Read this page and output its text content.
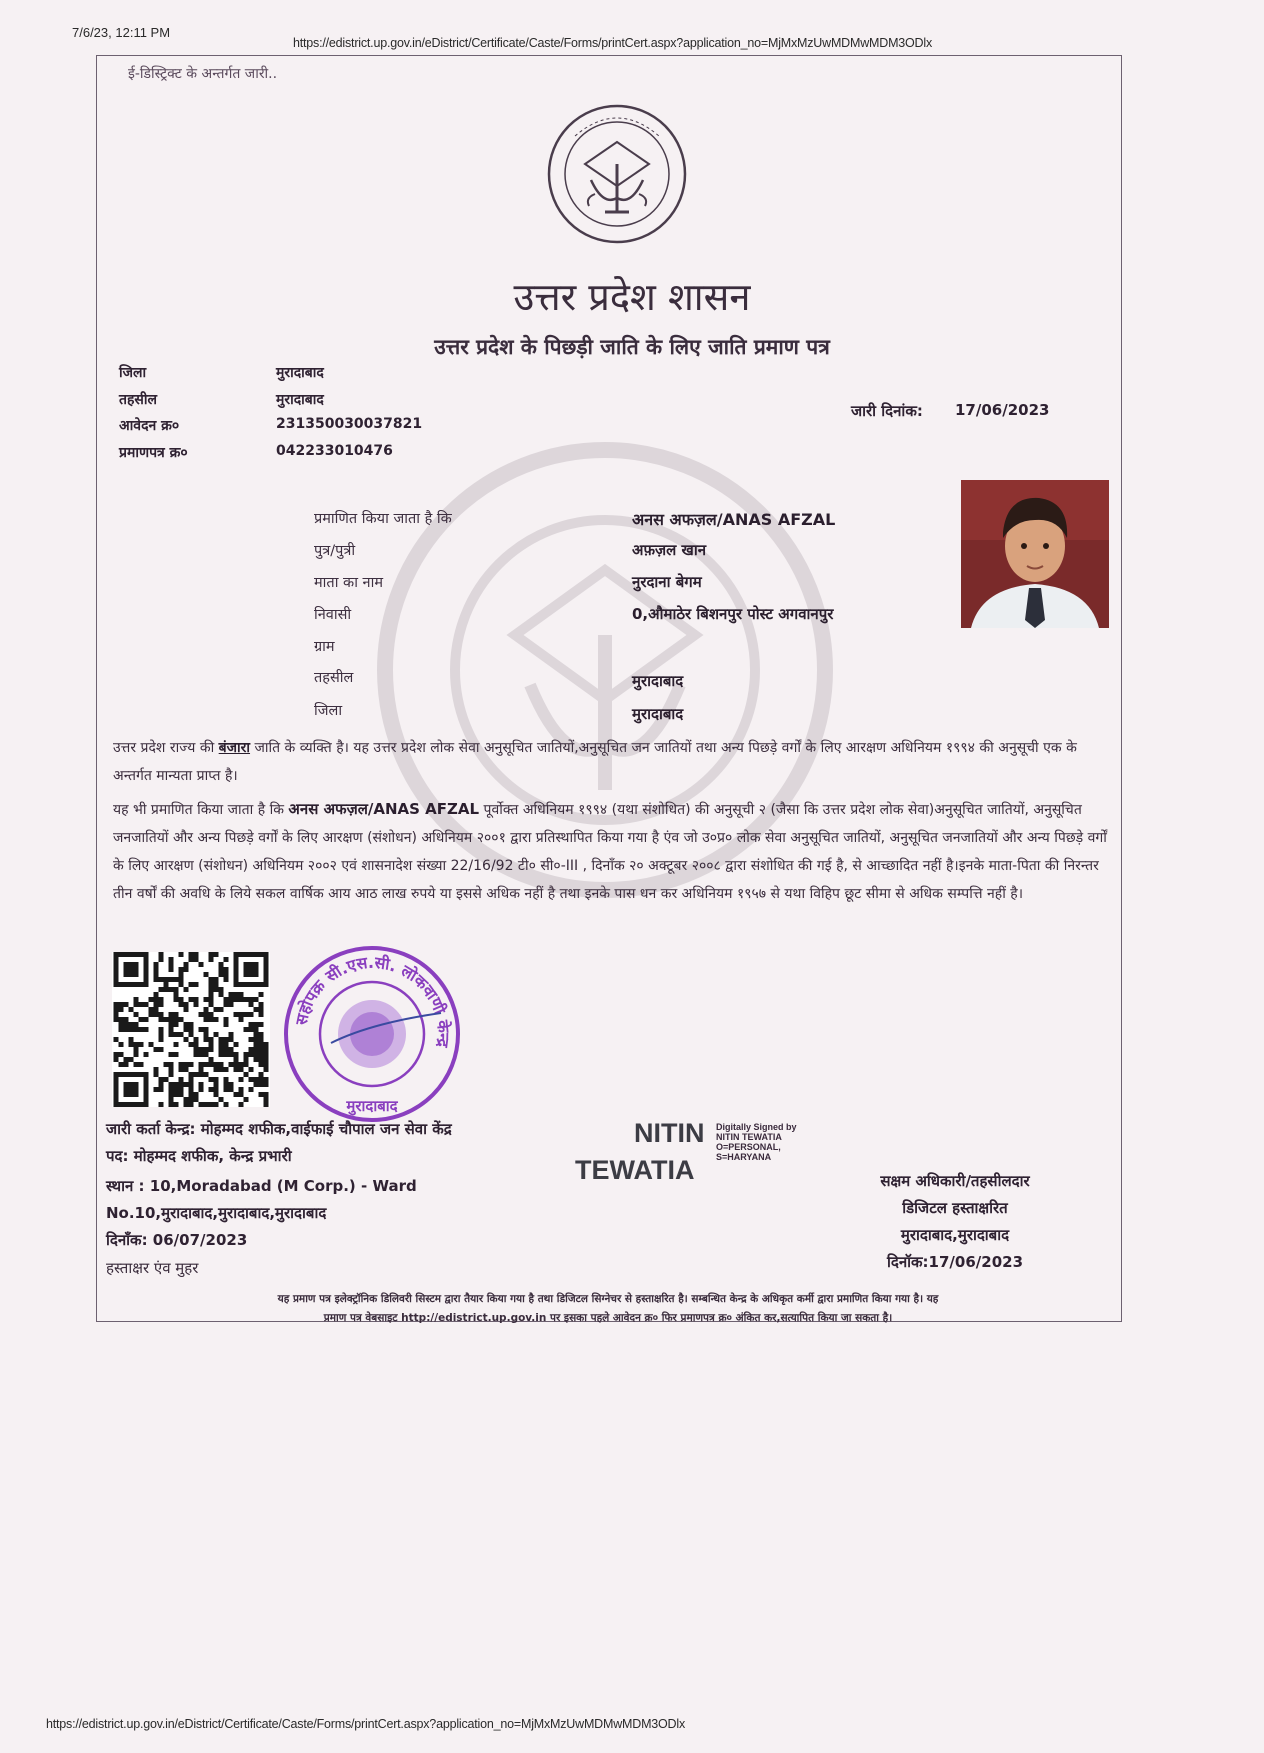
7/6/23, 12:11 PM
https://edistrict.up.gov.in/eDistrict/Certificate/Caste/Forms/printCert.aspx?application_no=MjMxMzUwMDMwMDM3ODlx
ई-डिस्ट्रिक्ट के अन्तर्गत जारी..
उत्तर प्रदेश शासन
उत्तर प्रदेश के पिछड़ी जाति के लिए जाति प्रमाण पत्र
जिला	मुरादाबाद
तहसील	मुरादाबाद
आवेदन क्र०	231350030037821
प्रमाणपत्र क्र०	042233010476
जारी दिनांक: 17/06/2023
प्रमाणित किया जाता है कि	अनस अफज़ल/ANAS AFZAL
पुत्र/पुत्री	अफ़ज़ल खान
माता का नाम	नुरदाना बेगम
निवासी	0,औमाठेर बिशनपुर पोस्ट अगवानपुर
ग्राम
तहसील	मुरादाबाद
जिला	मुरादाबाद
उत्तर प्रदेश राज्य की बंजारा जाति के व्यक्ति है। यह उत्तर प्रदेश लोक सेवा अनुसूचित जातियों,अनुसूचित जन जातियों तथा अन्य पिछड़े वर्गों के लिए आरक्षण अधिनियम १९९४ की अनुसूची एक के अन्तर्गत मान्यता प्राप्त है।
यह भी प्रमाणित किया जाता है कि अनस अफज़ल/ANAS AFZAL पूर्वोक्त अधिनियम १९९४ (यथा संशोधित) की अनुसूची २ (जैसा कि उत्तर प्रदेश लोक सेवा)अनुसूचित जातियों, अनुसूचित जनजातियों और अन्य पिछड़े वर्गों के लिए आरक्षण (संशोधन) अधिनियम २००१ द्वारा प्रतिस्थापित किया गया है एंव जो उ०प्र० लोक सेवा अनुसूचित जातियों, अनुसूचित जनजातियों और अन्य पिछड़े वर्गों के लिए आरक्षण (संशोधन) अधिनियम २००२ एवं शासनादेश संख्या 22/16/92 टी० सी०-III , दिनाँक २० अक्टूबर २००८ द्वारा संशोधित की गई है, से आच्छादित नहीं है।इनके माता-पिता की निरन्तर तीन वर्षों की अवधि के लिये सकल वार्षिक आय आठ लाख रुपये या इससे अधिक नहीं है तथा इनके पास धन कर अधिनियम १९५७ से यथा विहिप छूट सीमा से अधिक सम्पत्ति नहीं है।
सहोपक्र सी.एस.सी. लोकवाणी केन्द्र
मुरादाबाद
जारी कर्ता केन्द्र: मोहम्मद शफीक,वाईफाई चौपाल जन सेवा केंद्र
पद: मोहम्मद शफीक, केन्द्र प्रभारी
स्थान : 10,Moradabad (M Corp.) - Ward
No.10,मुरादाबाद,मुरादाबाद,मुरादाबाद
दिनाँक: 06/07/2023
हस्ताक्षर एंव मुहर
NITIN
TEWATIA
Digitally Signed by
NITIN TEWATIA
O=PERSONAL,
S=HARYANA
सक्षम अधिकारी/तहसीलदार
डिजिटल हस्ताक्षरित
मुरादाबाद,मुरादाबाद
दिनॉक:17/06/2023
यह प्रमाण पत्र इलेक्ट्रॉनिक डिलिवरी सिस्टम द्वारा तैयार किया गया है तथा डिजिटल सिग्नेचर से हस्ताक्षरित है। सम्बन्धित केन्द्र के अधिकृत कर्मी द्वारा प्रमाणित किया गया है। यह
प्रमाण पत्र वेबसाइट http://edistrict.up.gov.in पर इसका पहले आवेदन क्र० फिर प्रमाणपत्र क्र० अंकित कर,सत्यापित किया जा सकता है।
https://edistrict.up.gov.in/eDistrict/Certificate/Caste/Forms/printCert.aspx?application_no=MjMxMzUwMDMwMDM3ODlx
